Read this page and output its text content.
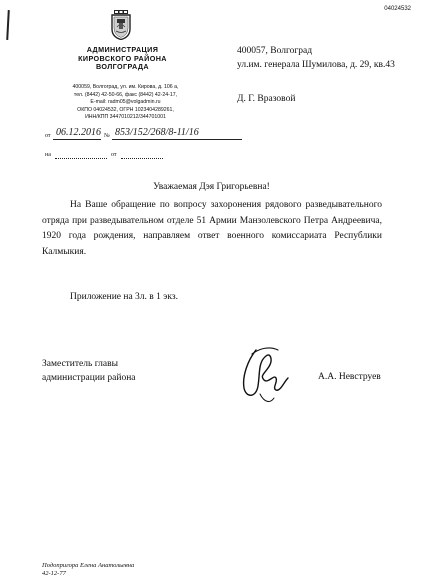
04024532
АДМИНИСТРАЦИЯ
КИРОВСКОГО РАЙОНА
ВОЛГОГРАДА
400059, Волгоград, ул. им. Кирова, д. 106 а,
тел. (8442) 42-50-66, факс (8442) 42-24-17,
E-mail: radm05@volgadmin.ru
ОКПО 04024532, ОГРН 1023404289261,
ИНН/КПП 3447010212/344701001
400057, Волгоград
ул.им. генерала Шумилова, д. 29, кв.43
Д. Г. Вразовой
от 06.12.2016 № 853/152/268/8-11/16
на	от
Уважаемая Дэя Григорьевна!
На Ваше обращение по вопросу захоронения рядового разведывательного отряда при разведывательном отделе 51 Армии Манзолевского Петра Андреевича, 1920 года рождения, направляем ответ военного комиссариата Республики Калмыкия.
Приложение на 3л. в 1 экз.
Заместитель главы
администрации района	А.А. Невструев
Подопригора Елена Анатольевна
42-12-77
